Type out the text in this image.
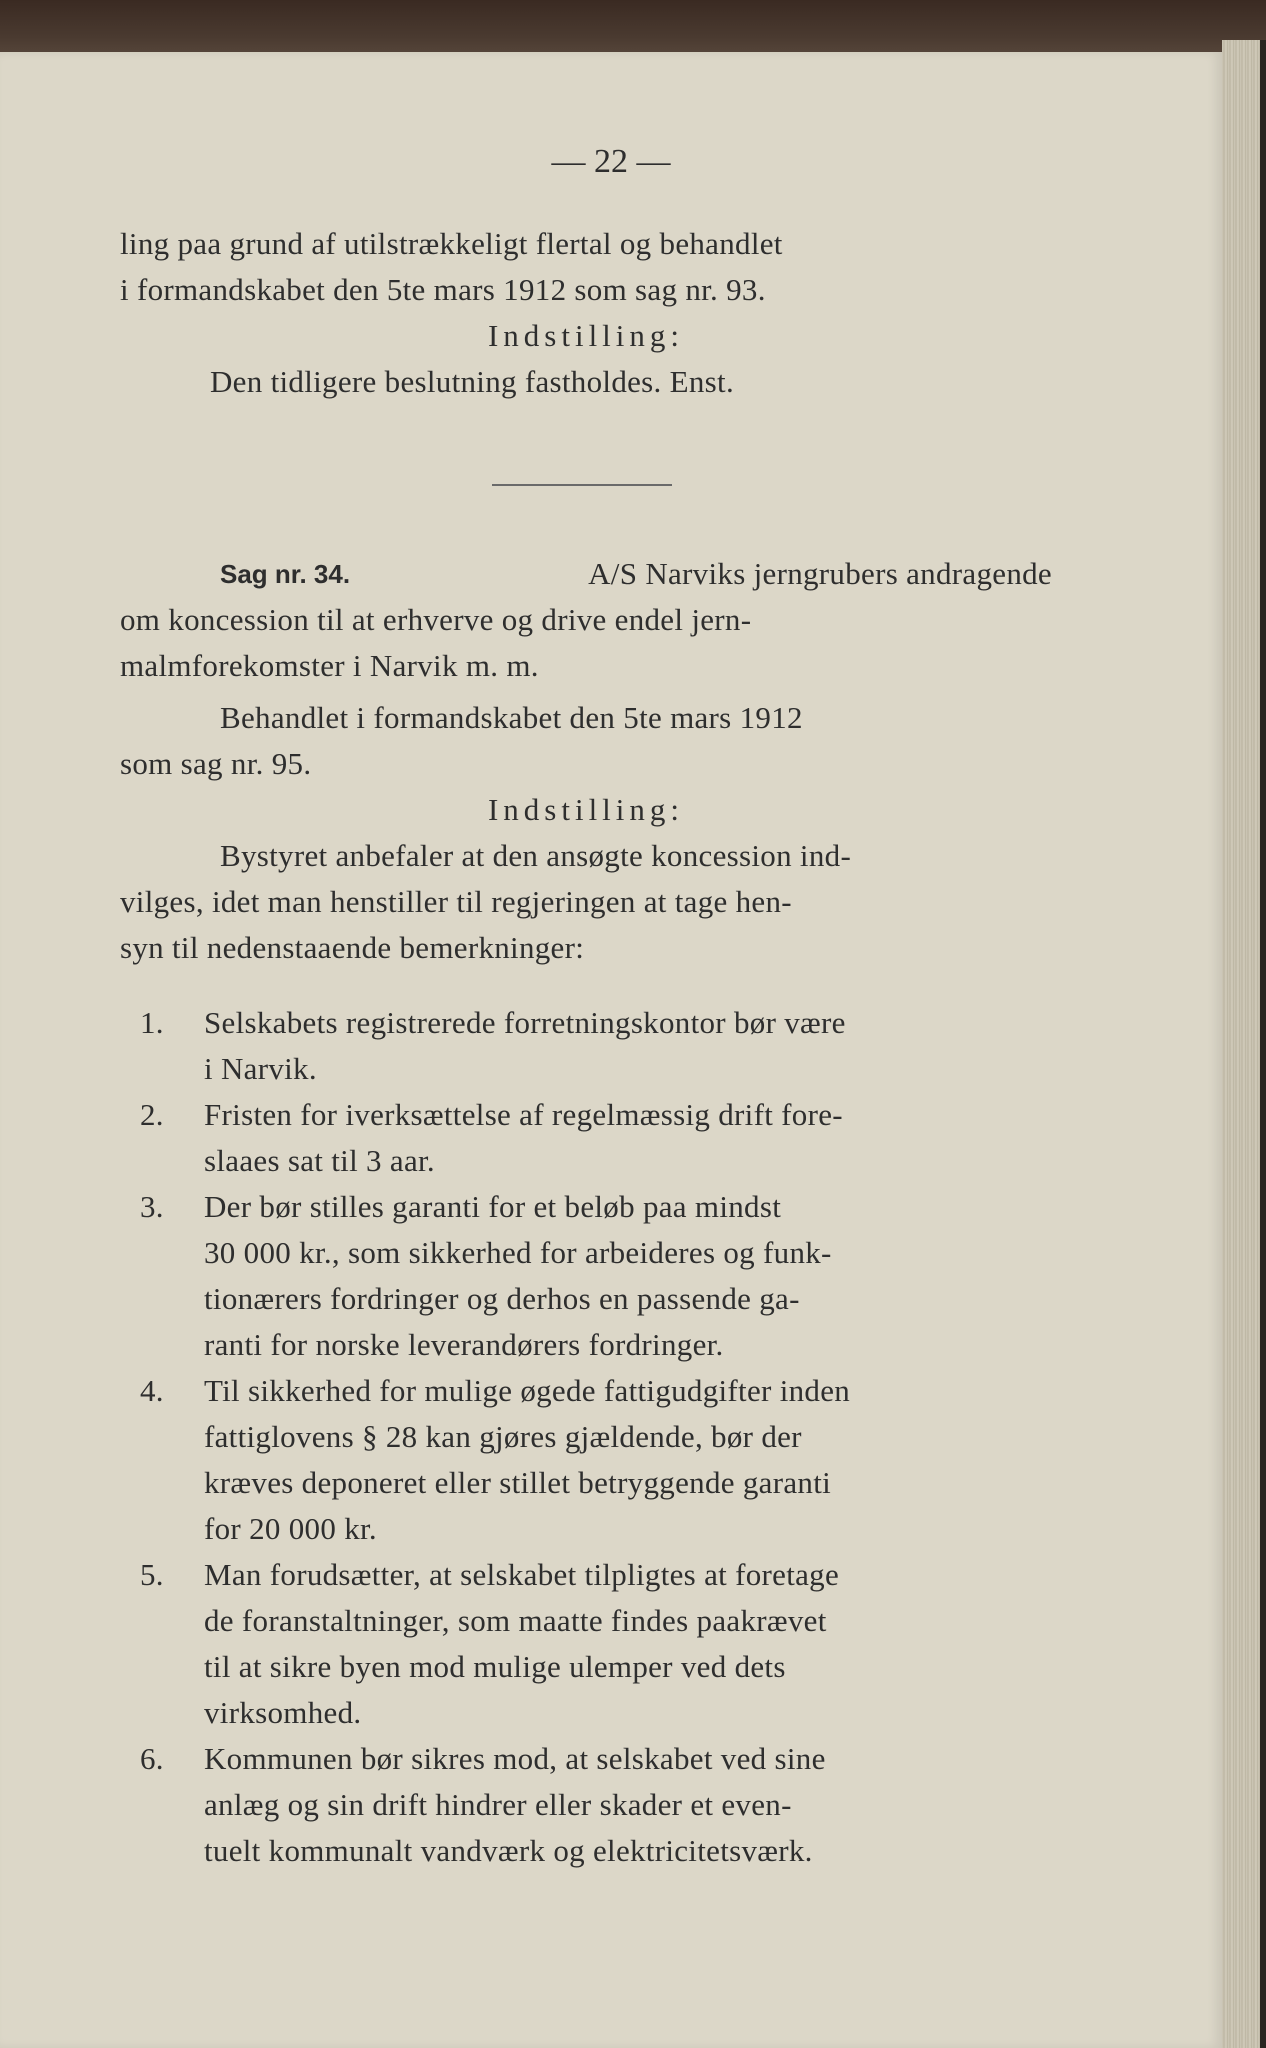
— 22 —
ling paa grund af utilstrækkeligt flertal og behandlet
i formandskabet den 5te mars 1912 som sag nr. 93.
Indstilling:
Den tidligere beslutning fastholdes. Enst.
Sag nr. 34.	A/S Narviks jerngrubers andragende
om koncession til at erhverve og drive endel jern-
malmforekomster i Narvik m. m.
Behandlet i formandskabet den 5te mars 1912
som sag nr. 95.
Indstilling:
Bystyret anbefaler at den ansøgte koncession ind-
vilges, idet man henstiller til regjeringen at tage hen-
syn til nedenstaaende bemerkninger:
1.	Selskabets registrerede forretningskontor bør være
i Narvik.
2.	Fristen for iverksættelse af regelmæssig drift fore-
slaaes sat til 3 aar.
3.	Der bør stilles garanti for et beløb paa mindst
30 000 kr., som sikkerhed for arbeideres og funk-
tionærers fordringer og derhos en passende ga-
ranti for norske leverandørers fordringer.
4.	Til sikkerhed for mulige øgede fattigudgifter inden
fattiglovens § 28 kan gjøres gjældende, bør der
kræves deponeret eller stillet betryggende garanti
for 20 000 kr.
5.	Man forudsætter, at selskabet tilpligtes at foretage
de foranstaltninger, som maatte findes paakrævet
til at sikre byen mod mulige ulemper ved dets
virksomhed.
6.	Kommunen bør sikres mod, at selskabet ved sine
anlæg og sin drift hindrer eller skader et even-
tuelt kommunalt vandværk og elektricitetsværk.
